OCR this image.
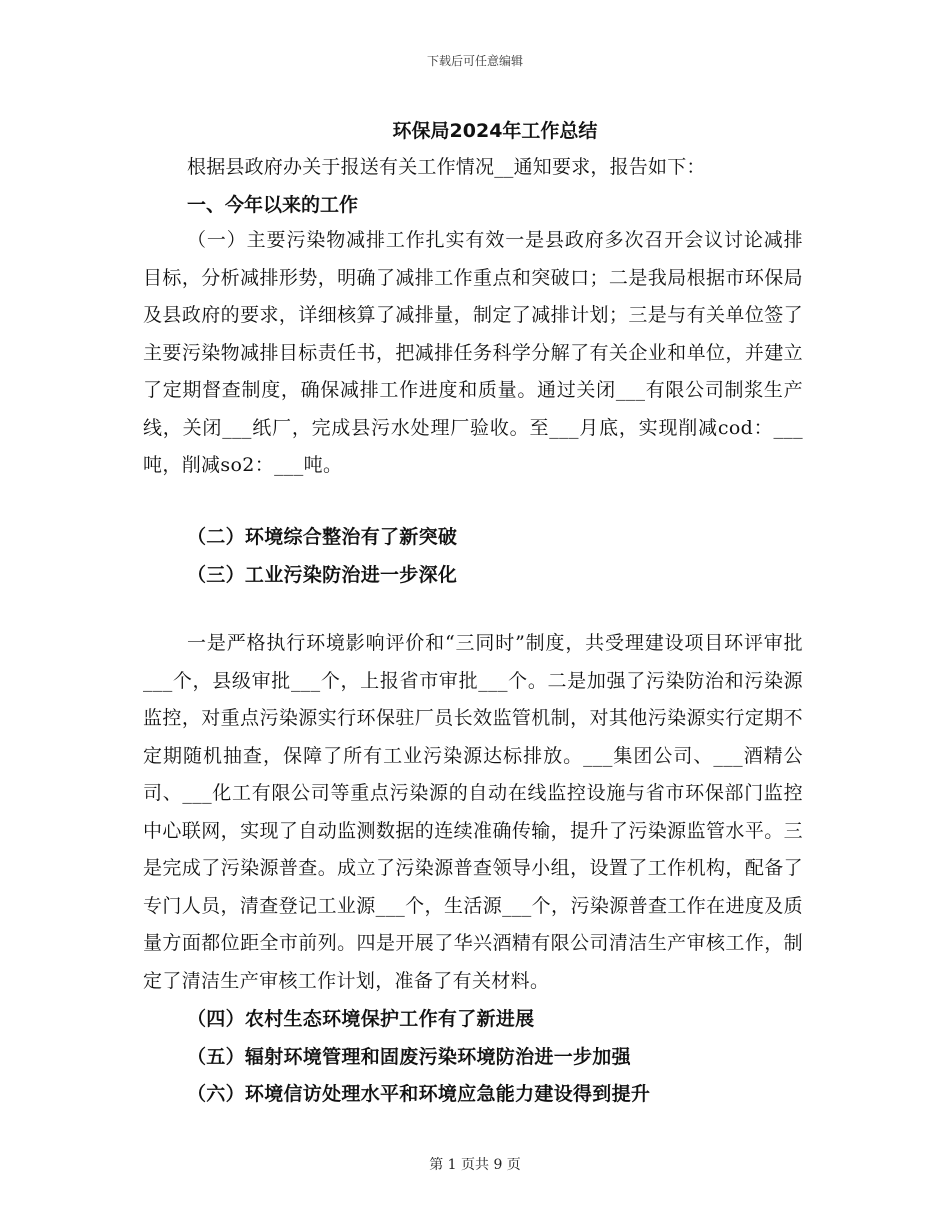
下载后可任意编辑
环保局2024年工作总结
根据县政府办关于报送有关工作情况__通知要求，报告如下：
一、今年以来的工作

（一）主要污染物减排工作扎实有效一是县政府多次召开会议讨论减排目标，分析减排形势，明确了减排工作重点和突破口；二是我局根据市环保局及县政府的要求，详细核算了减排量，制定了减排计划；三是与有关单位签了主要污染物减排目标责任书，把减排任务科学分解了有关企业和单位，并建立了定期督查制度，确保减排工作进度和质量。通过关闭___有限公司制浆生产线，关闭___纸厂，完成县污水处理厂验收。至___月底，实现削减cod：___吨，削减so2：___吨。

（二）环境综合整治有了新突破
（三）工业污染防治进一步深化

一是严格执行环境影响评价和“三同时”制度，共受理建设项目环评审批___个，县级审批___个，上报省市审批___个。二是加强了污染防治和污染源监控，对重点污染源实行环保驻厂员长效监管机制，对其他污染源实行定期不定期随机抽查，保障了所有工业污染源达标排放。___集团公司、___酒精公司、___化工有限公司等重点污染源的自动在线监控设施与省市环保部门监控中心联网，实现了自动监测数据的连续准确传输，提升了污染源监管水平。三是完成了污染源普查。成立了污染源普查领导小组，设置了工作机构，配备了专门人员，清查登记工业源___个，生活源___个，污染源普查工作在进度及质量方面都位距全市前列。四是开展了华兴酒精有限公司清洁生产审核工作，制定了清洁生产审核工作计划，准备了有关材料。

（四）农村生态环境保护工作有了新进展
（五）辐射环境管理和固废污染环境防治进一步加强
（六）环境信访处理水平和环境应急能力建设得到提升
第 1 页共 9 页
